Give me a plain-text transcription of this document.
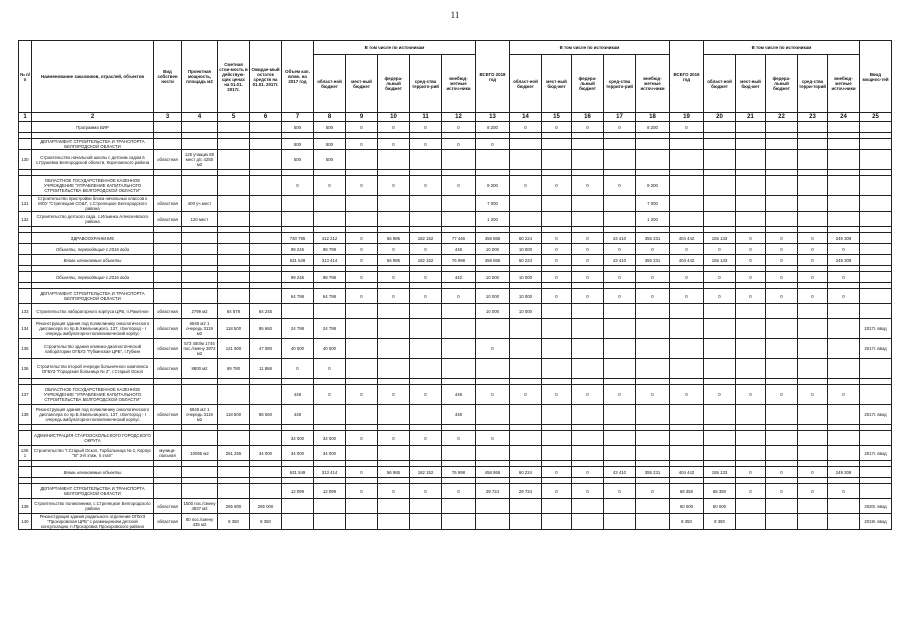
11
№ п/п	Наименование заказчиков, отраслей, объектов	Вид собствен ности	Проектная мощность, площадь м2	Сметная стои-мость в действую-щих ценах на 01.01. 2017г.	Ожидае-мый остаток средств на 01.01. 2017г.	Объем кап. влож. на 2017 год	В том числе по источникам					ВСЕГО 2018 год	В том числе по источникам					ВСЕГО 2019 год	В том числе по источникам					Ввод мощнос-тей
							област-ной бюджет	мест-ный бюджет	федера-льный бюджет	сред-ства террито-рий	внебюд-жетные источ-ники		област-ной бюджет	мест-ный бюд-жет	федера-льный бюджет	сред-ства террито-рий	внебюд-жетные источ-ники		област-ной бюджет	мест-ный бюд-жет	федера-льный бюджет	сред-ства терри-торий	внебюд-жетные источ-ники	
1	2	3	4	5	6	7	8	9	10	11	12	13	14	15	16	17	18	19	20	21	22	23	24	25
	Программа ВИР					500	500	0	0	0	0	8 200	0	0	0	0	8 200	0						

	ДЕПАРТАМЕНТ СТРОИТЕЛЬСТВА И ТРАНСПОРТА БЕЛГОРОДСКОЙ ОБЛАСТИ					500	500	0	0	0	0	0												
130	Строительство начальной школы с детским садом в с.Грушевка Белгородской области, Корочанского района	областная	125 учащих 80 мест д/с 4250 м2			500	500																	

	ОБЛАСТНОЕ ГОСУДАРСТВЕННОЕ КАЗЕННОЕ УЧРЕЖДЕНИЕ "УПРАВЛЕНИЕ КАПИТАЛЬНОГО СТРОИТЕЛЬСТВА БЕЛГОРОДСКОЙ ОБЛАСТИ"					0	0	0	0	0	0	8 200	0	0	0	0	8 200							
131	Строительство пристройки блока начальных классов к МОУ "Стрелецкая СОШ", с.Стрелецкое Белгородского района	областная	400 уч.мест									7 000					7 000							
132	Строительство детского сада, с.Ильинка Алексеевского района	областная	120 мест									1 200					1 200							

	ЗДРАВООХРАНЕНИЕ					730 795	412 212	0	56 985	182 152	77 446	458 865	60 224	0	0	43 410	355 231	404 442	155 133	0	0	0	249 309	
	Объекты, переходящие с 2016 года					99 246	98 798	0	0	0	448	10 000	10 000	0	0	0	0	0	0	0	0	0	0	
	Вновь начинаемые объекты					631 549	313 414	0	56 985	182 152	76 998	458 865	60 224	0	0	43 410	355 231	404 442	155 133	0	0	0	249 309	

	Объекты, переходящие с 2016 года					99 246	98 798	0	0	0	442	10 000	10 000	0	0	0	0	0	0	0	0	0	0	

	ДЕПАРТАМЕНТ СТРОИТЕЛЬСТВА И ТРАНСПОРТА БЕЛГОРОДСКОЙ ОБЛАСТИ					64 798	64 798	0	0	0	0	10 000	10 000	0	0	0	0	0	0	0	0	0	0	
133	Строительство лабораторного корпуса ЦРБ, п.Ракитное	областная	2799 м2	84 878	84 245							10 000	10 000											
134	Реконструкция здания под поликлинику онкологического диспансера по пр.Б.Хмельницкого, 137, г.Белгород - I очередь амбулаторно-поликлинический корпус	областная	6845 м2 1 очередь 3119 м2	118 500	86 660	24 798	24 798																	2017г. ввод
135	Строительство здания клинико-диагностической лаборатории ОГБУЗ "Губкинская ЦРБ", г.Губкин	областная	573 450/м 1745 пос./смену 2872 м2	121 900	47 080	40 000	40 000					0												2017г. ввод
136	Строительство второй очереди больничного комплекса ОГБУЗ "Городская больница № 2", г.Старый Оскол	областная	8800 м2	69 780	11 868	0	0																	

137	ОБЛАСТНОЕ ГОСУДАРСТВЕННОЕ КАЗЕННОЕ УЧРЕЖДЕНИЕ "УПРАВЛЕНИЕ КАПИТАЛЬНОГО СТРОИТЕЛЬСТВА БЕЛГОРОДСКОЙ ОБЛАСТИ"					448	0	0	0	0	448	0	0	0	0	0	0	0	0	0	0	0	0	
138	Реконструкция здания под поликлинику онкологического диспансера по пр.Б.Хмельницкого, 137, г.Белгород - I очередь амбулаторно-поликлинический корпус	областная	6845 м2 1 очередь 3119 м2	118 500	86 660	448					448													2017г. ввод

	АДМИНИСТРАЦИЯ СТАРООСКОЛЬСКОГО ГОРОДСКОГО ОКРУГА					34 000	34 000	0	0	0	0	0												
139. 1	Строительство "г.Старый Оскол, Горбольница № 2, Корпус "В" 3-й этаж, II этап"	муници-пальная	10095 м2	251 255	34 000	34 000	34 000																	2017г. ввод

	Вновь начинаемые объекты					631 549	313 414	0	56 985	182 152	76 998	458 865	60 224	0	0	43 410	355 231	404 442	155 133	0	0	0	249 309	

	ДЕПАРТАМЕНТ СТРОИТЕЛЬСТВА И ТРАНСПОРТА БЕЛГОРОДСКОЙ ОБЛАСТИ					12 099	12 099	0	0	0	0	29 724	29 724	0	0	0	0	68 350	68 350	0	0	0	0	
139	Строительство поликлиники, с.Стрелецкое Белгородского района	областная	1500 пос./смену 4837 м2	285 800	285 000													60 000	60 000					2020г. ввод
140	Реконструкция здания родильного отделения ОГБУЗ "Прохоровская ЦРБ" с размещением детской консультации, п.Прохоровка Прохоровского района	областная	80 пос./смену 435 м2	8 350	8 350													8 350	8 350					2019г. ввод
